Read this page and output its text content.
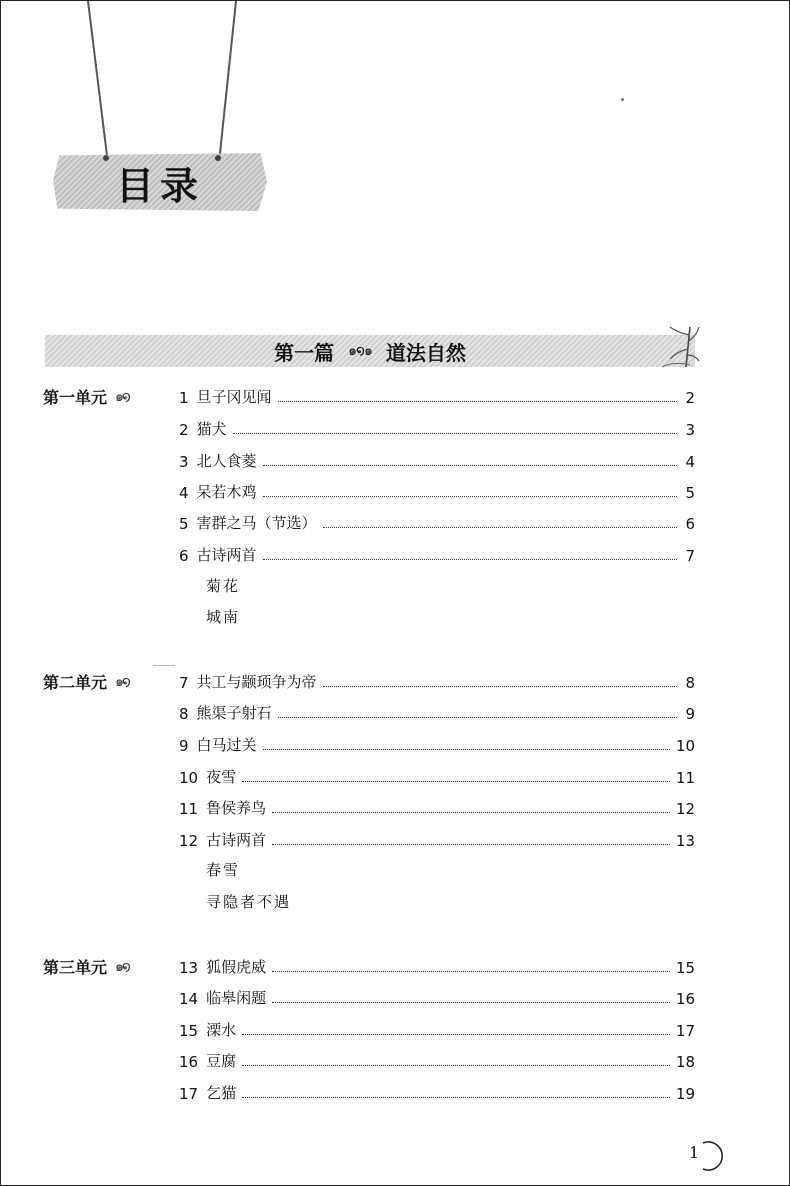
目录
第一篇 ๑໑๑ 道法自然
第一单元 ๑໑	1 旦子冈见闻	2
2 猫犬	3
3 北人食菱	4
4 呆若木鸡	5
5 害群之马（节选）	6
6 古诗两首	7
菊花
城南
第二单元 ๑໑	7 共工与颛顼争为帝	8
8 熊渠子射石	9
9 白马过关	10
10 夜雪	11
11 鲁侯养鸟	12
12 古诗两首	13
春雪
寻隐者不遇
第三单元 ๑໑	13 狐假虎威	15
14 临皋闲题	16
15 溧水	17
16 豆腐	18
17 乞猫	19
1
